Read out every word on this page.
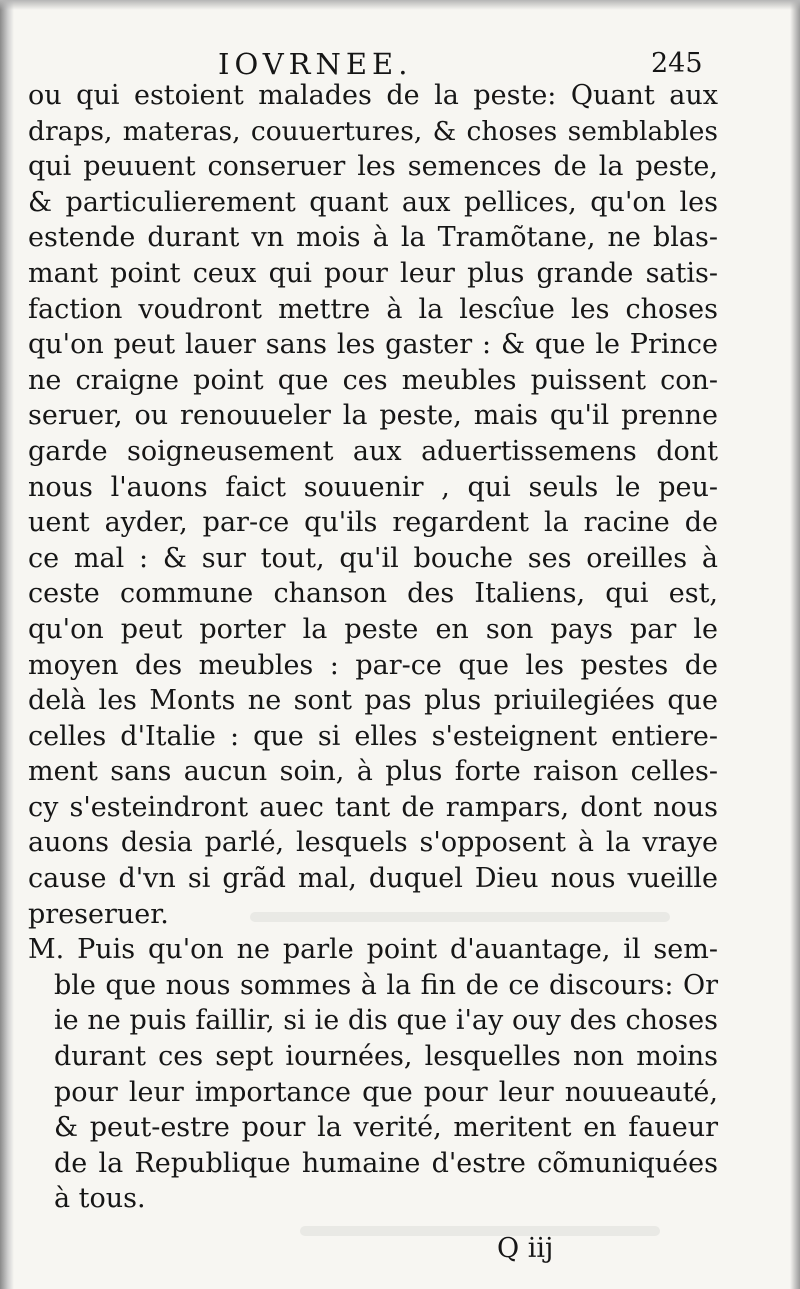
IOVRNEE.	245
ou qui estoient malades de la peste: Quant aux
draps, materas, couuertures, & choses semblables
qui peuuent conseruer les semences de la peste,
& particulierement quant aux pellices, qu'on les
estende durant vn mois à la Tramõtane, ne blas-
mant point ceux qui pour leur plus grande satis-
faction voudront mettre à la lescîue les choses
qu'on peut lauer sans les gaster : & que le Prince
ne craigne point que ces meubles puissent con-
seruer, ou renouueler la peste, mais qu'il prenne
garde soigneusement aux aduertissemens dont
nous l'auons faict souuenir , qui seuls le peu-
uent ayder, par-ce qu'ils regardent la racine de
ce mal : & sur tout, qu'il bouche ses oreilles à
ceste commune chanson des Italiens, qui est,
qu'on peut porter la peste en son pays par le
moyen des meubles : par-ce que les pestes de
delà les Monts ne sont pas plus priuilegiées que
celles d'Italie : que si elles s'esteignent entiere-
ment sans aucun soin, à plus forte raison celles-
cy s'esteindront auec tant de rampars, dont nous
auons desia parlé, lesquels s'opposent à la vraye
cause d'vn si grãd mal, duquel Dieu nous vueille
preseruer.
M. Puis qu'on ne parle point d'auantage, il sem-
ble que nous sommes à la fin de ce discours: Or
ie ne puis faillir, si ie dis que i'ay ouy des choses
durant ces sept iournées, lesquelles non moins
pour leur importance que pour leur nouueauté,
& peut-estre pour la verité, meritent en faueur
de la Republique humaine d'estre cõmuniquées
à tous.
Q iij
